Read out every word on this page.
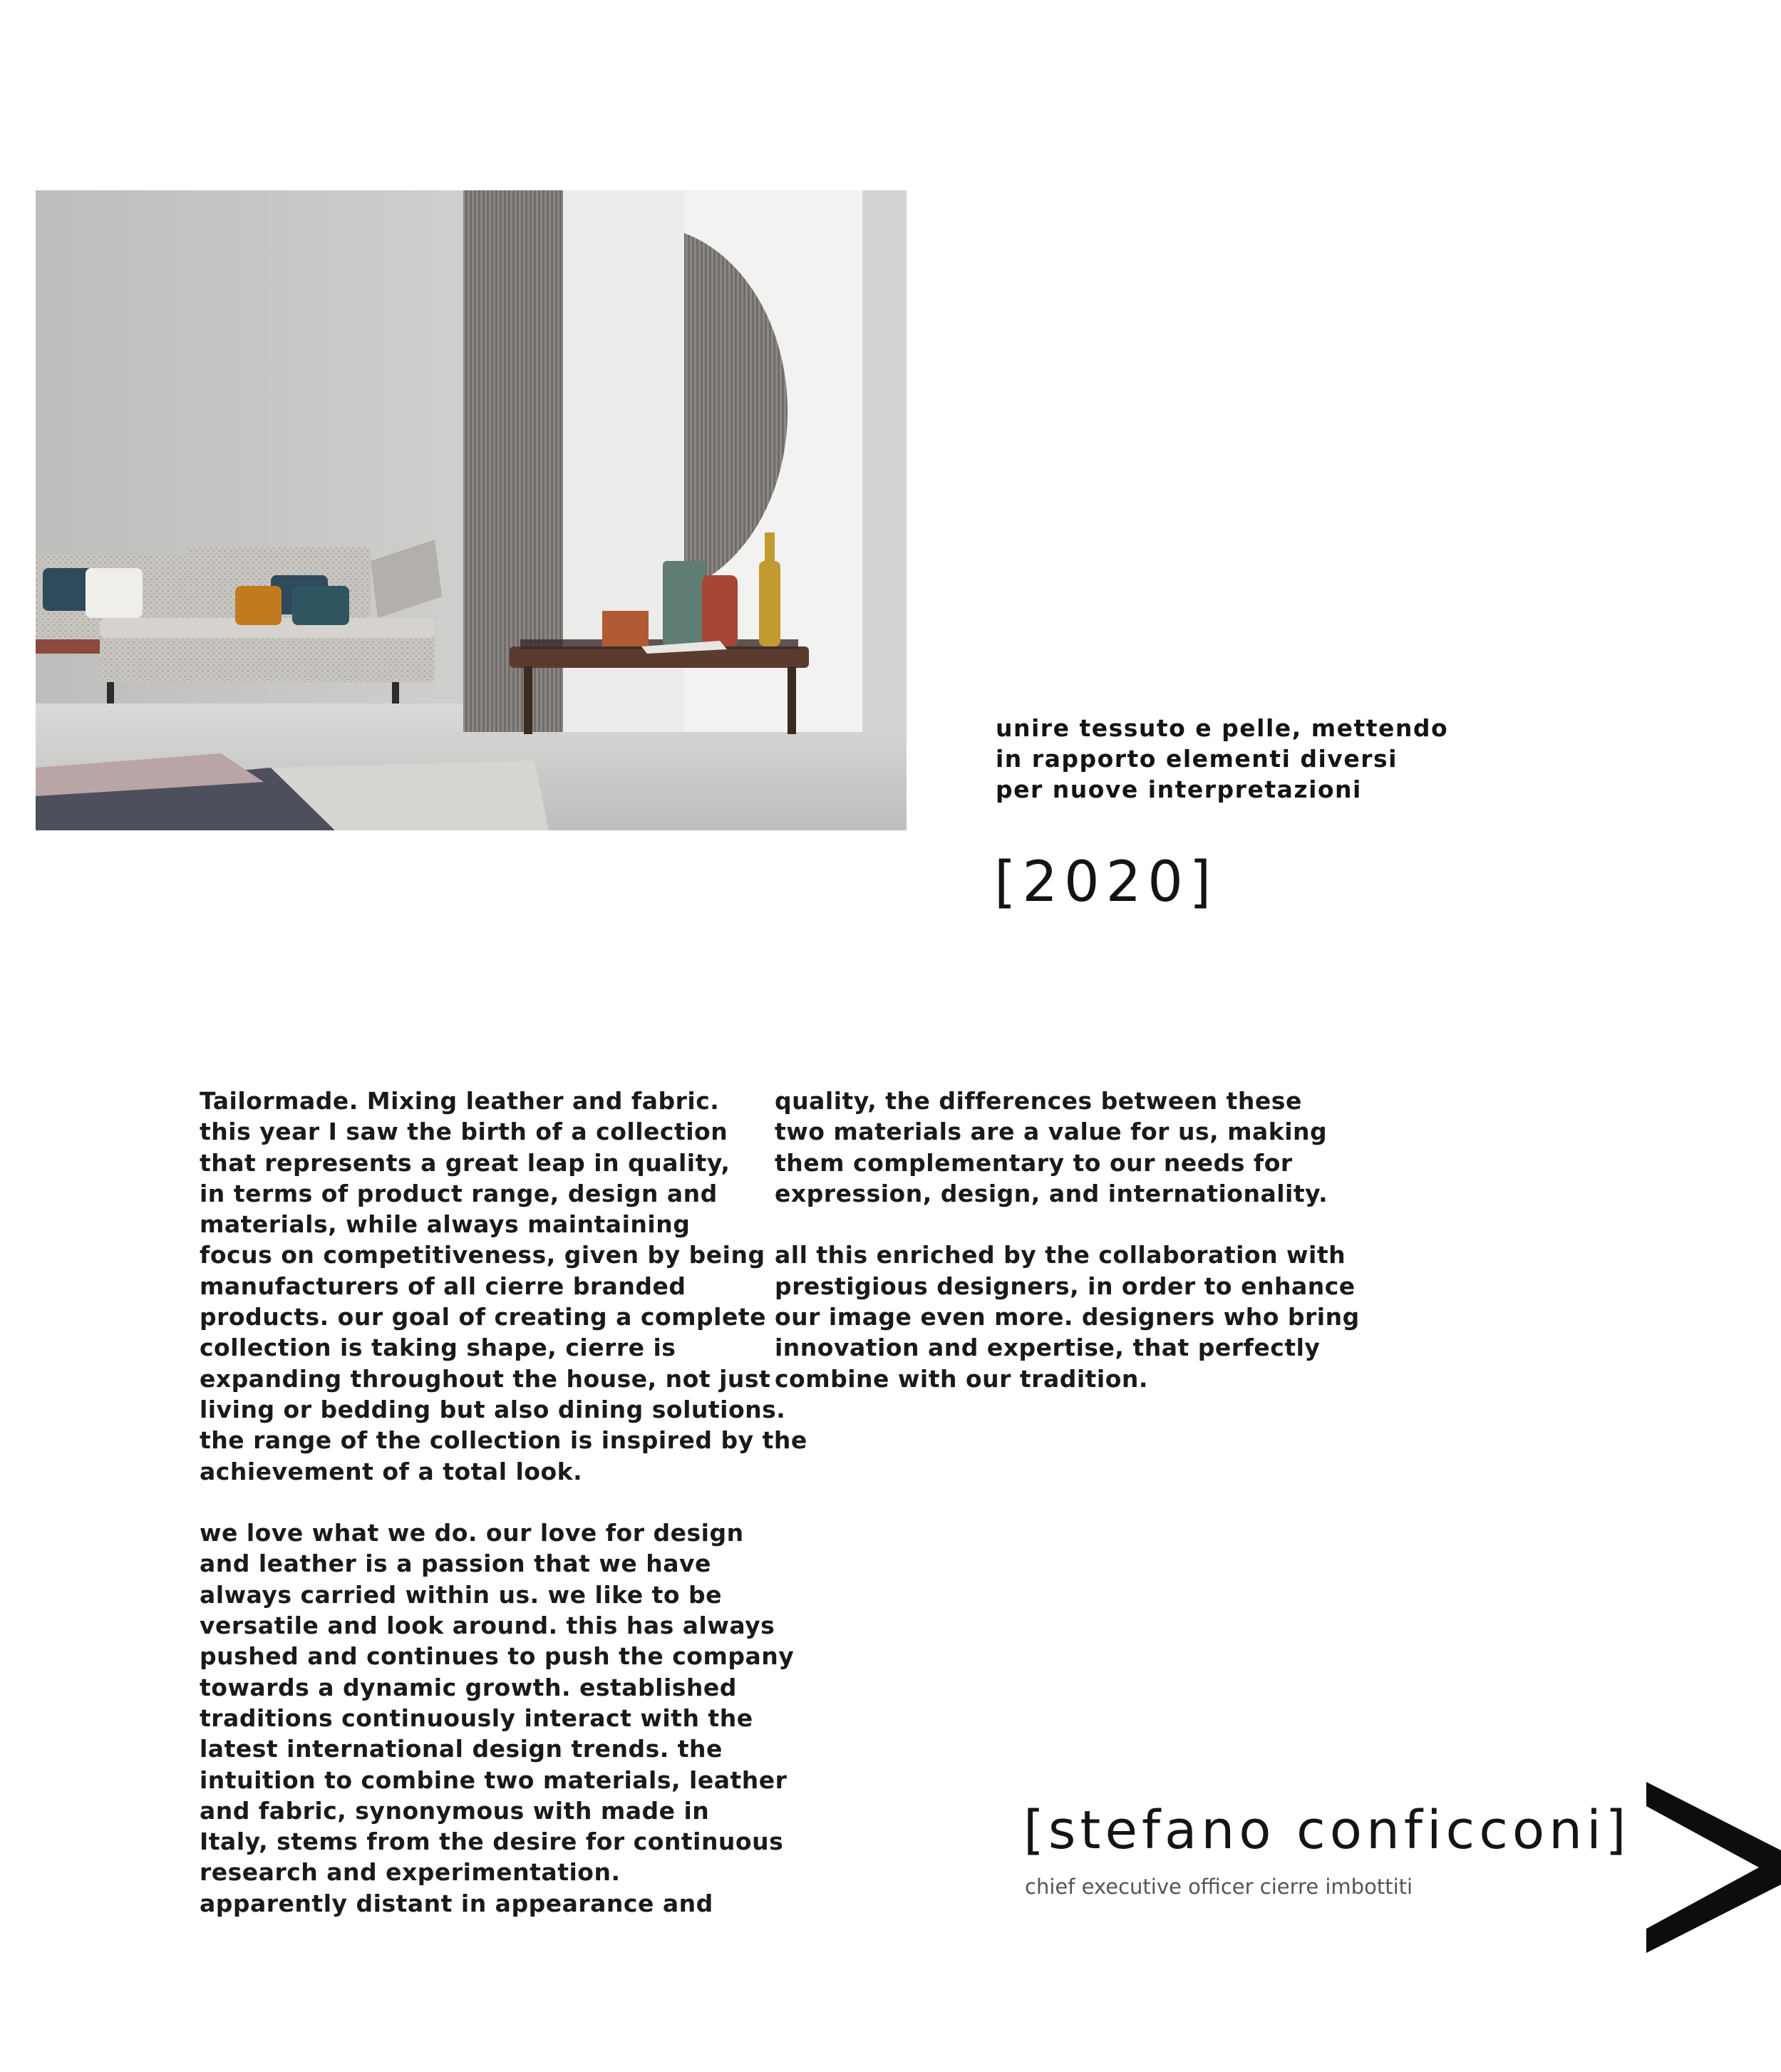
unire tessuto e pelle, mettendo
in rapporto elementi diversi
per nuove interpretazioni
[2020]
Tailormade. Mixing leather and fabric.
this year I saw the birth of a collection
that represents a great leap in quality,
in terms of product range, design and
materials, while always maintaining
focus on competitiveness, given by being
manufacturers of all cierre branded
products. our goal of creating a complete
collection is taking shape, cierre is
expanding throughout the house, not just
living or bedding but also dining solutions.
the range of the collection is inspired by the
achievement of a total look.
we love what we do. our love for design
and leather is a passion that we have
always carried within us. we like to be
versatile and look around. this has always
pushed and continues to push the company
towards a dynamic growth. established
traditions continuously interact with the
latest international design trends. the
intuition to combine two materials, leather
and fabric, synonymous with made in
Italy, stems from the desire for continuous
research and experimentation.
apparently distant in appearance and
quality, the differences between these
two materials are a value for us, making
them complementary to our needs for
expression, design, and internationality.
all this enriched by the collaboration with
prestigious designers, in order to enhance
our image even more. designers who bring
innovation and expertise, that perfectly
combine with our tradition.
[stefano conficconi]
chief executive officer cierre imbottiti
